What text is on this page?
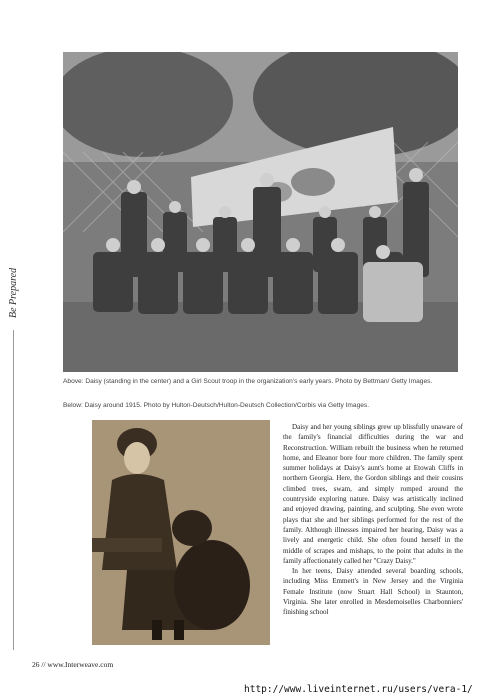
Be Prepared
Above: Daisy (standing in the center) and a Girl Scout troop in the organization's early years. Photo by Bettman/ Getty Images.
Below: Daisy around 1915. Photo by Hulton-Deutsch/Hulton-Deutsch Collection/Corbis via Getty Images.

Daisy and her young siblings grew up blissfully unaware of the family's financial difficulties during the war and Reconstruction. William rebuilt the business when he returned home, and Eleanor bore four more children. The family spent summer holidays at Daisy's aunt's home at Etowah Cliffs in northern Georgia. Here, the Gordon siblings and their cousins climbed trees, swam, and simply romped around the countryside exploring nature. Daisy was artistically inclined and enjoyed drawing, painting, and sculpting. She even wrote plays that she and her siblings performed for the rest of the family. Although illnesses impaired her hearing, Daisy was a lively and energetic child. She often found herself in the middle of scrapes and mishaps, to the point that adults in the family affectionately called her "Crazy Daisy."

In her teens, Daisy attended several boarding schools, including Miss Emmett's in New Jersey and the Virginia Female Institute (now Stuart Hall School) in Staunton, Virginia. She later enrolled in Mesdemoiselles Charbonniers' finishing school

26 // www.Interweave.com
http://www.liveinternet.ru/users/vera-1/
